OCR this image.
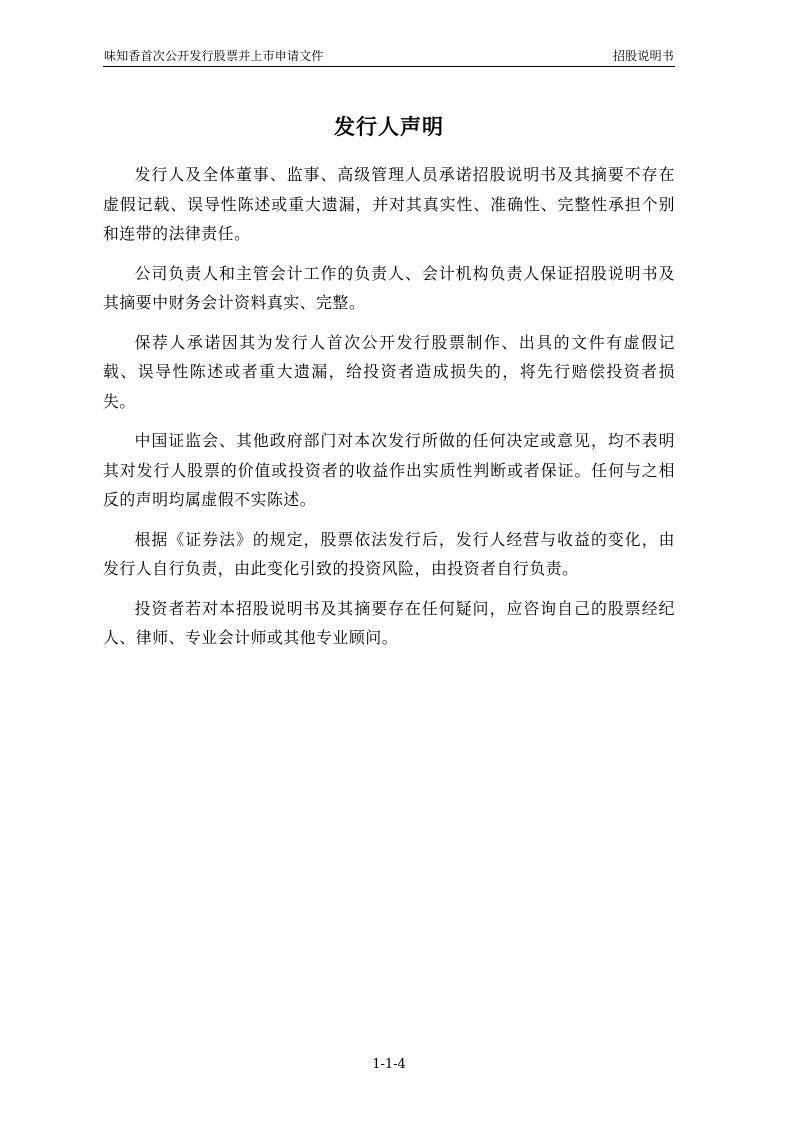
味知香首次公开发行股票并上市申请文件	招股说明书
发行人声明

发行人及全体董事、监事、高级管理人员承诺招股说明书及其摘要不存在虚假记载、误导性陈述或重大遗漏，并对其真实性、准确性、完整性承担个别和连带的法律责任。

公司负责人和主管会计工作的负责人、会计机构负责人保证招股说明书及其摘要中财务会计资料真实、完整。

保荐人承诺因其为发行人首次公开发行股票制作、出具的文件有虚假记载、误导性陈述或者重大遗漏，给投资者造成损失的，将先行赔偿投资者损失。

中国证监会、其他政府部门对本次发行所做的任何决定或意见，均不表明其对发行人股票的价值或投资者的收益作出实质性判断或者保证。任何与之相反的声明均属虚假不实陈述。

根据《证券法》的规定，股票依法发行后，发行人经营与收益的变化，由发行人自行负责，由此变化引致的投资风险，由投资者自行负责。

投资者若对本招股说明书及其摘要存在任何疑问，应咨询自己的股票经纪人、律师、专业会计师或其他专业顾问。

1-1-4
